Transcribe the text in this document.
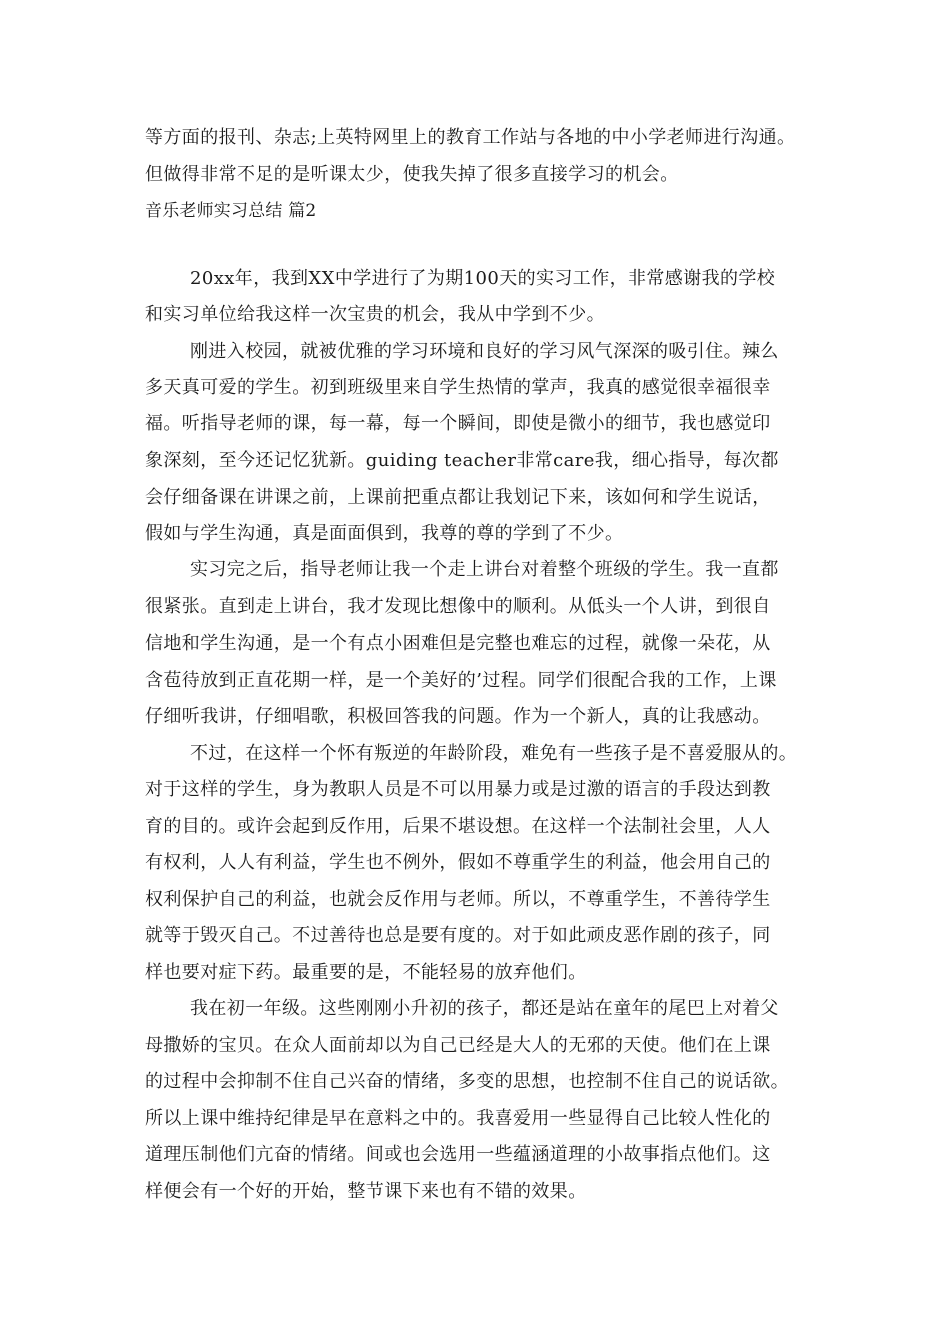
等方面的报刊、杂志;上英特网里上的教育工作站与各地的中小学老师进行沟通。
但做得非常不足的是听课太少，使我失掉了很多直接学习的机会。
音乐老师实习总结 篇2
20xx年，我到XX中学进行了为期100天的实习工作，非常感谢我的学校
和实习单位给我这样一次宝贵的机会，我从中学到不少。
刚进入校园，就被优雅的学习环境和良好的学习风气深深的吸引住。辣么
多天真可爱的学生。初到班级里来自学生热情的掌声，我真的感觉很幸福很幸
福。听指导老师的课，每一幕，每一个瞬间，即使是微小的细节，我也感觉印
象深刻，至今还记忆犹新。guiding teacher非常care我，细心指导，每次都
会仔细备课在讲课之前，上课前把重点都让我划记下来，该如何和学生说话，
假如与学生沟通，真是面面俱到，我尊的尊的学到了不少。
实习完之后，指导老师让我一个走上讲台对着整个班级的学生。我一直都
很紧张。直到走上讲台，我才发现比想像中的顺利。从低头一个人讲，到很自
信地和学生沟通，是一个有点小困难但是完整也难忘的过程，就像一朵花，从
含苞待放到正直花期一样，是一个美好的’过程。同学们很配合我的工作，上课
仔细听我讲，仔细唱歌，积极回答我的问题。作为一个新人，真的让我感动。
不过，在这样一个怀有叛逆的年龄阶段，难免有一些孩子是不喜爱服从的。
对于这样的学生，身为教职人员是不可以用暴力或是过激的语言的手段达到教
育的目的。或许会起到反作用，后果不堪设想。在这样一个法制社会里，人人
有权利，人人有利益，学生也不例外，假如不尊重学生的利益，他会用自己的
权利保护自己的利益，也就会反作用与老师。所以，不尊重学生，不善待学生
就等于毁灭自己。不过善待也总是要有度的。对于如此顽皮恶作剧的孩子，同
样也要对症下药。最重要的是，不能轻易的放弃他们。
我在初一年级。这些刚刚小升初的孩子，都还是站在童年的尾巴上对着父
母撒娇的宝贝。在众人面前却以为自己已经是大人的无邪的天使。他们在上课
的过程中会抑制不住自己兴奋的情绪，多变的思想，也控制不住自己的说话欲。
所以上课中维持纪律是早在意料之中的。我喜爱用一些显得自己比较人性化的
道理压制他们亢奋的情绪。间或也会选用一些蕴涵道理的小故事指点他们。这
样便会有一个好的开始，整节课下来也有不错的效果。
